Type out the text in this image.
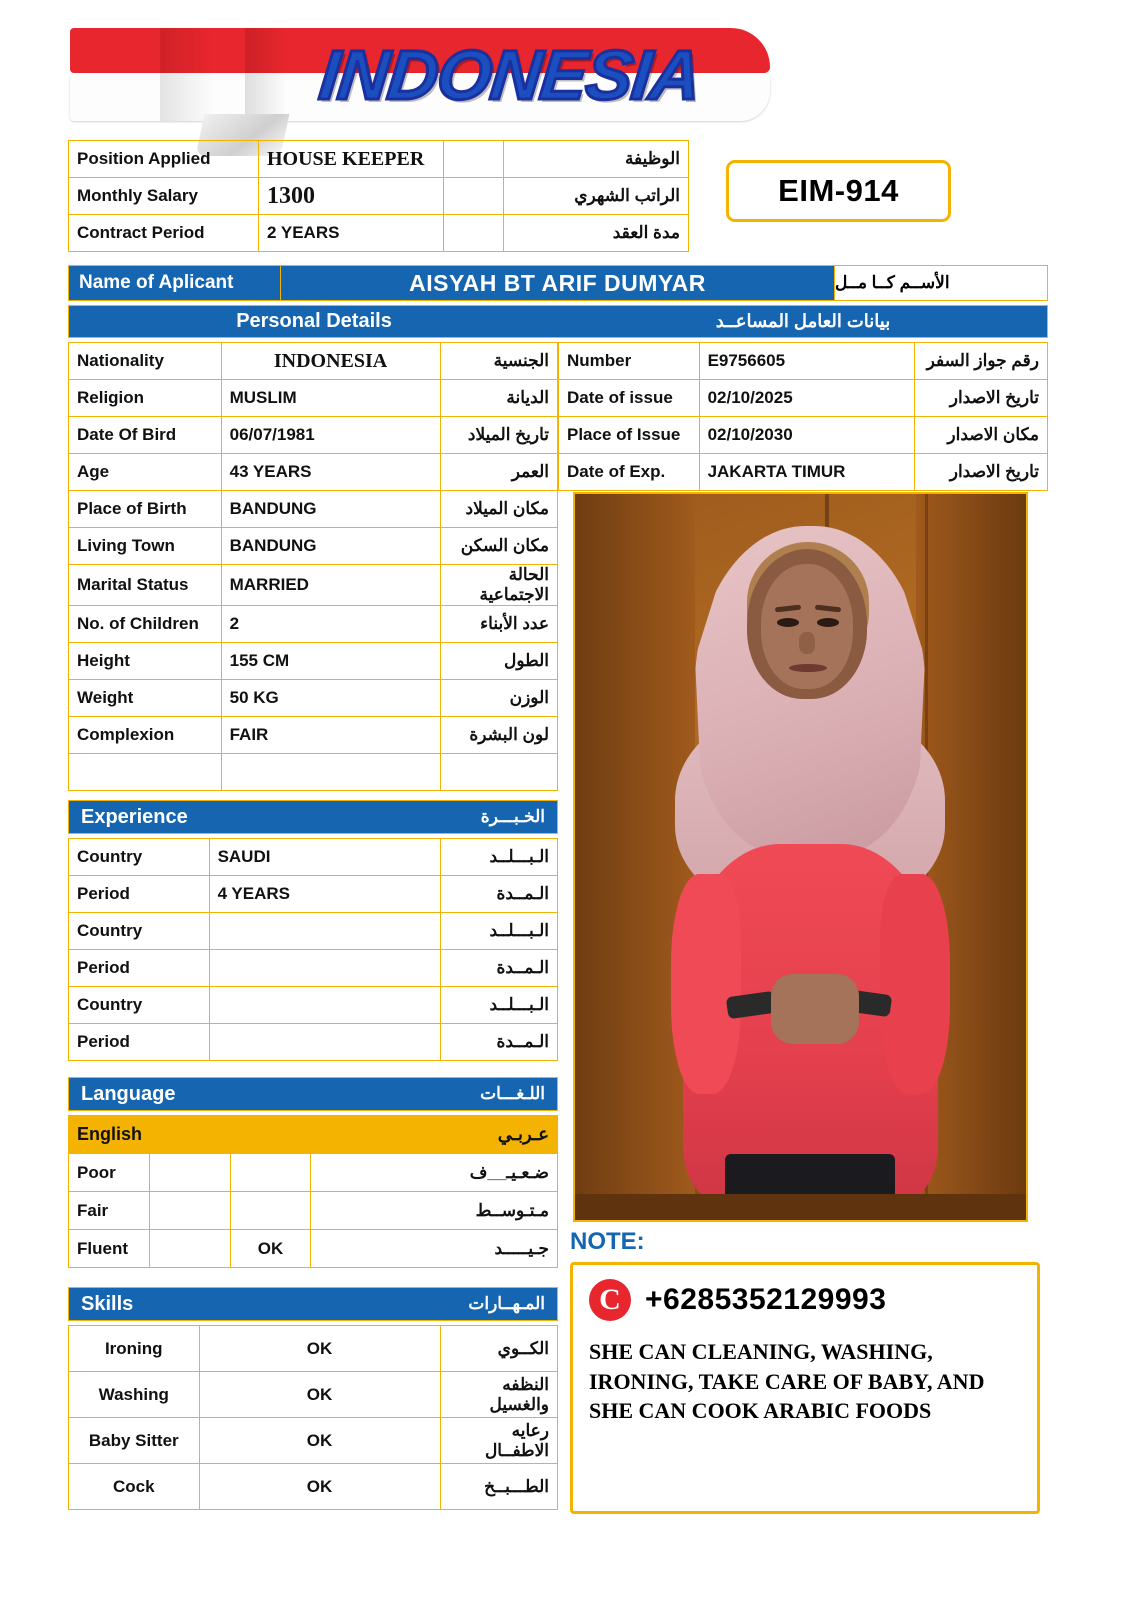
INDONESIA
Position Applied	HOUSE KEEPER		الوظيفة
Monthly Salary	1300		الراتب الشهري
Contract Period	2 YEARS		مدة العقد
EIM-914
Name of Aplicant	AISYAH BT ARIF DUMYAR	الأســم كــا مــل
Personal Details	بيانات العامل المساعــد
Nationality	INDONESIA	الجنسية
Religion	MUSLIM	الديانة
Date Of Bird	06/07/1981	تاريخ الميلاد
Age	43 YEARS	العمر
Place of Birth	BANDUNG	مكان الميلاد
Living Town	BANDUNG	مكان السكن
Marital Status	MARRIED	الحالة الاجتماعية
No. of Children	2	عدد الأبناء
Height	155 CM	الطول
Weight	50 KG	الوزن
Complexion	FAIR	لون البشرة

Number	E9756605	رقم جواز السفر
Date of issue	02/10/2025	تاريخ الاصدار
Place of Issue	02/10/2030	مكان الاصدار
Date of Exp.	JAKARTA TIMUR	تاريخ الاصدار
Experience	الخـبـــرة
Country	SAUDI	الـبـــلــد
Period	4 YEARS	الـمــدة
Country		الـبـــلــد
Period		الـمــدة
Country		الـبـــلــد
Period		الـمــدة
Language	اللـغـــات
English			عـربـي
Poor			ضـعـيـ__ف
Fair			مـتـوســط
Fluent		OK	جـيـــــد
Skills	المـهــارات
Ironing	OK	الكــوي
Washing	OK	النظفه والغسيل
Baby Sitter	OK	رعايه الاطفــال
Cock	OK	الطـــبــخ
NOTE:
C +6285352129993
SHE CAN CLEANING, WASHING, IRONING, TAKE CARE OF BABY, AND SHE CAN COOK ARABIC FOODS
